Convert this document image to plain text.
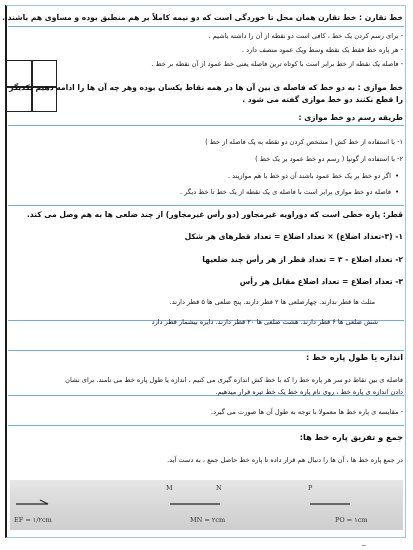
خط تقارن : خط تقارن همان محل تا خوردگی است که دو نیمه کاملاً بر هم منطبق بوده و مساوی هم باشند .
- برای رسم کردن یک خط ، کافی است دو نقطه از آن را داشته باشیم .
- هر پاره خط فقط یک نقطه وسط ویک عمود منصف دارد .
- فاصله یک نقطه از خط برابر است با کوتاه ترین فاصله یعنی خط عمود از آن نقطه بر خط .
خط موازی : به دو خط که فاصله ی بین آن ها در همه نقاط یکسان بوده وهر چه آن ها را ادامه دهیم یکدیگر
را قطع نکنند دو خط موازی گفته می شود .
طریقه رسم دو خط موازی :
١- با استفاده از خط کش ( مشخص کردن دو نقطه به یک فاصله از خط )
٢- با استفاده از گونیا ( رسم دو خط عمود بر یک خط )
•
اگر دو خط بر یک خط عمود باشند آن دو خط با هم موازیند .
•
فاصله دو خط موازی برابر است با فاصله ی یک نقطه از یک خط تا خط دیگر .
قطر: پاره خطی است که دوراویه غیرمجاور (دو رأس غیرمجاور) از چند ضلعی ها به هم وصل می کند.
١- (٣-تعداد اضلاع) × تعداد اضلاع = تعداد قطرهای هر شکل
٢- تعداد اضلاع - ٣ = تعداد قطر از هر رأس چند ضلعیها
٣- تعداد اضلاع = تعداد اضلاع مقابل هر رأس
مثلث ها قطر ندارند. چهارضلعی ها ٢ قطر دارند. پنج ضلعی ها ۵ قطر دارند.
شش ضلعی ها ۶ قطر دارند. هشت ضلعی ها ٢٠ قطر دارند. دایره بیشمار قطر دارد
اندازه یا طول پاره خط :
فاصله ی بین نقاط دو سر هر پاره خط را که با خط کش اندازه گیری می کنیم ، اندازه یا طول پاره خط می نامند. برای نشان
دادن اندازه ی پاره خط ، روی نام پاره خط یک خط تیره قرار میدهیم.
- مقایسه ی پاره خط ها معمولا با توجه به طول آن ها صورت می گیرد.
جمع و تفریق پاره خط ها:
در جمع پاره خط ها ، آن ها را دنبال هم قرار داده تا پاره خط حاصل جمع ، به دست آید.
M	N	P
EF = ۱/۲cm	MN = ۲cm	PO = ۱cm
ــ
